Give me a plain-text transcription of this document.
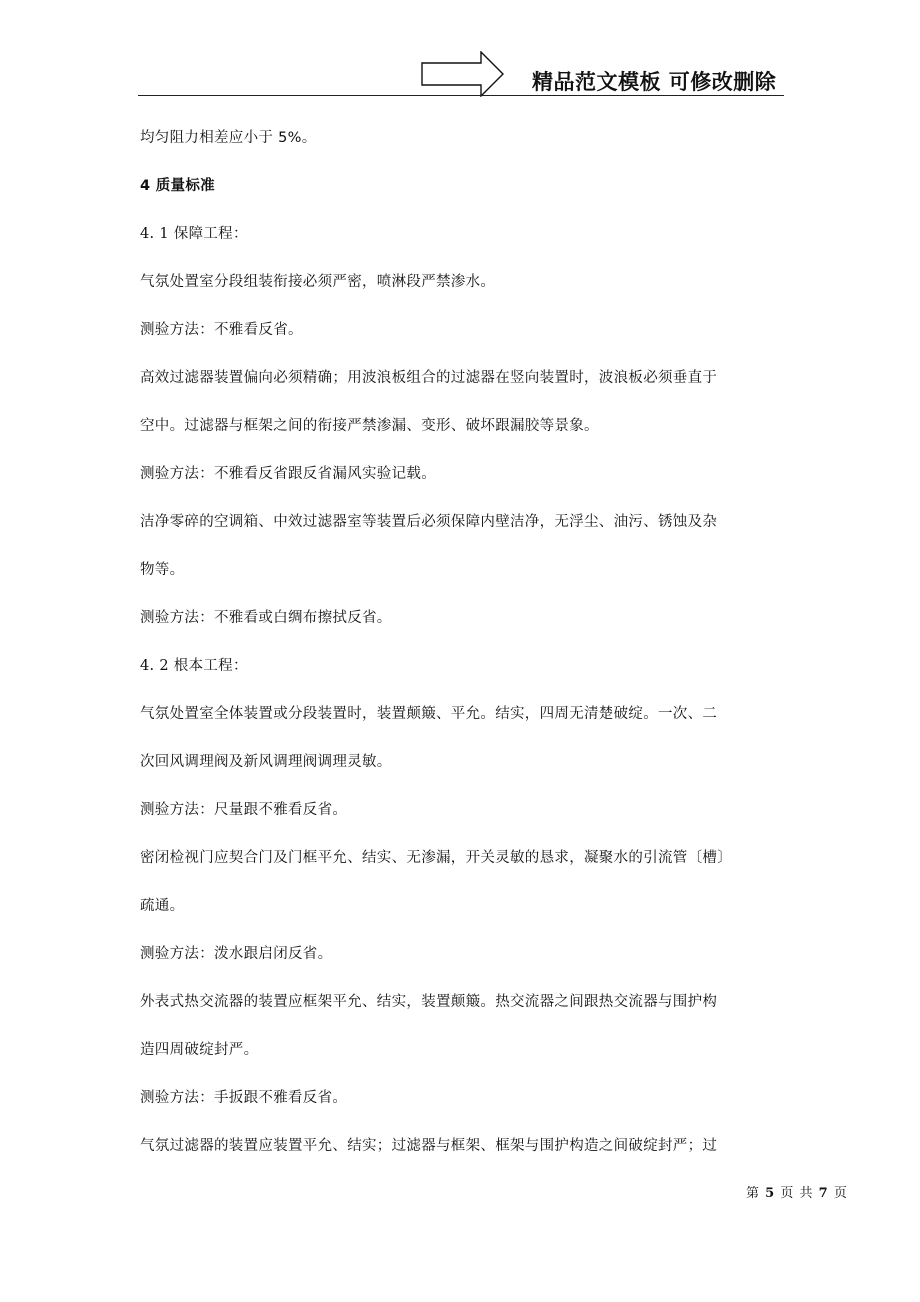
精品范文模板 可修改删除
均匀阻力相差应小于 5%。
4 质量标准
4. 1 保障工程：
气氛处置室分段组装衔接必须严密，喷淋段严禁渗水。
测验方法：不雅看反省。
高效过滤器装置偏向必须精确；用波浪板组合的过滤器在竖向装置时，波浪板必须垂直于
空中。过滤器与框架之间的衔接严禁渗漏、变形、破坏跟漏胶等景象。
测验方法：不雅看反省跟反省漏风实验记载。
洁净零碎的空调箱、中效过滤器室等装置后必须保障内壁洁净，无浮尘、油污、锈蚀及杂
物等。
测验方法：不雅看或白绸布擦拭反省。
4. 2 根本工程：
气氛处置室全体装置或分段装置时，装置颠簸、平允。结实，四周无清楚破绽。一次、二
次回风调理阀及新风调理阀调理灵敏。
测验方法：尺量跟不雅看反省。
密闭检视门应契合门及门框平允、结实、无渗漏，开关灵敏的恳求，凝聚水的引流管〔槽〕
疏通。
测验方法：泼水跟启闭反省。
外表式热交流器的装置应框架平允、结实，装置颠簸。热交流器之间跟热交流器与围护构
造四周破绽封严。
测验方法：手扳跟不雅看反省。
气氛过滤器的装置应装置平允、结实；过滤器与框架、框架与围护构造之间破绽封严；过
第 5 页 共 7 页
